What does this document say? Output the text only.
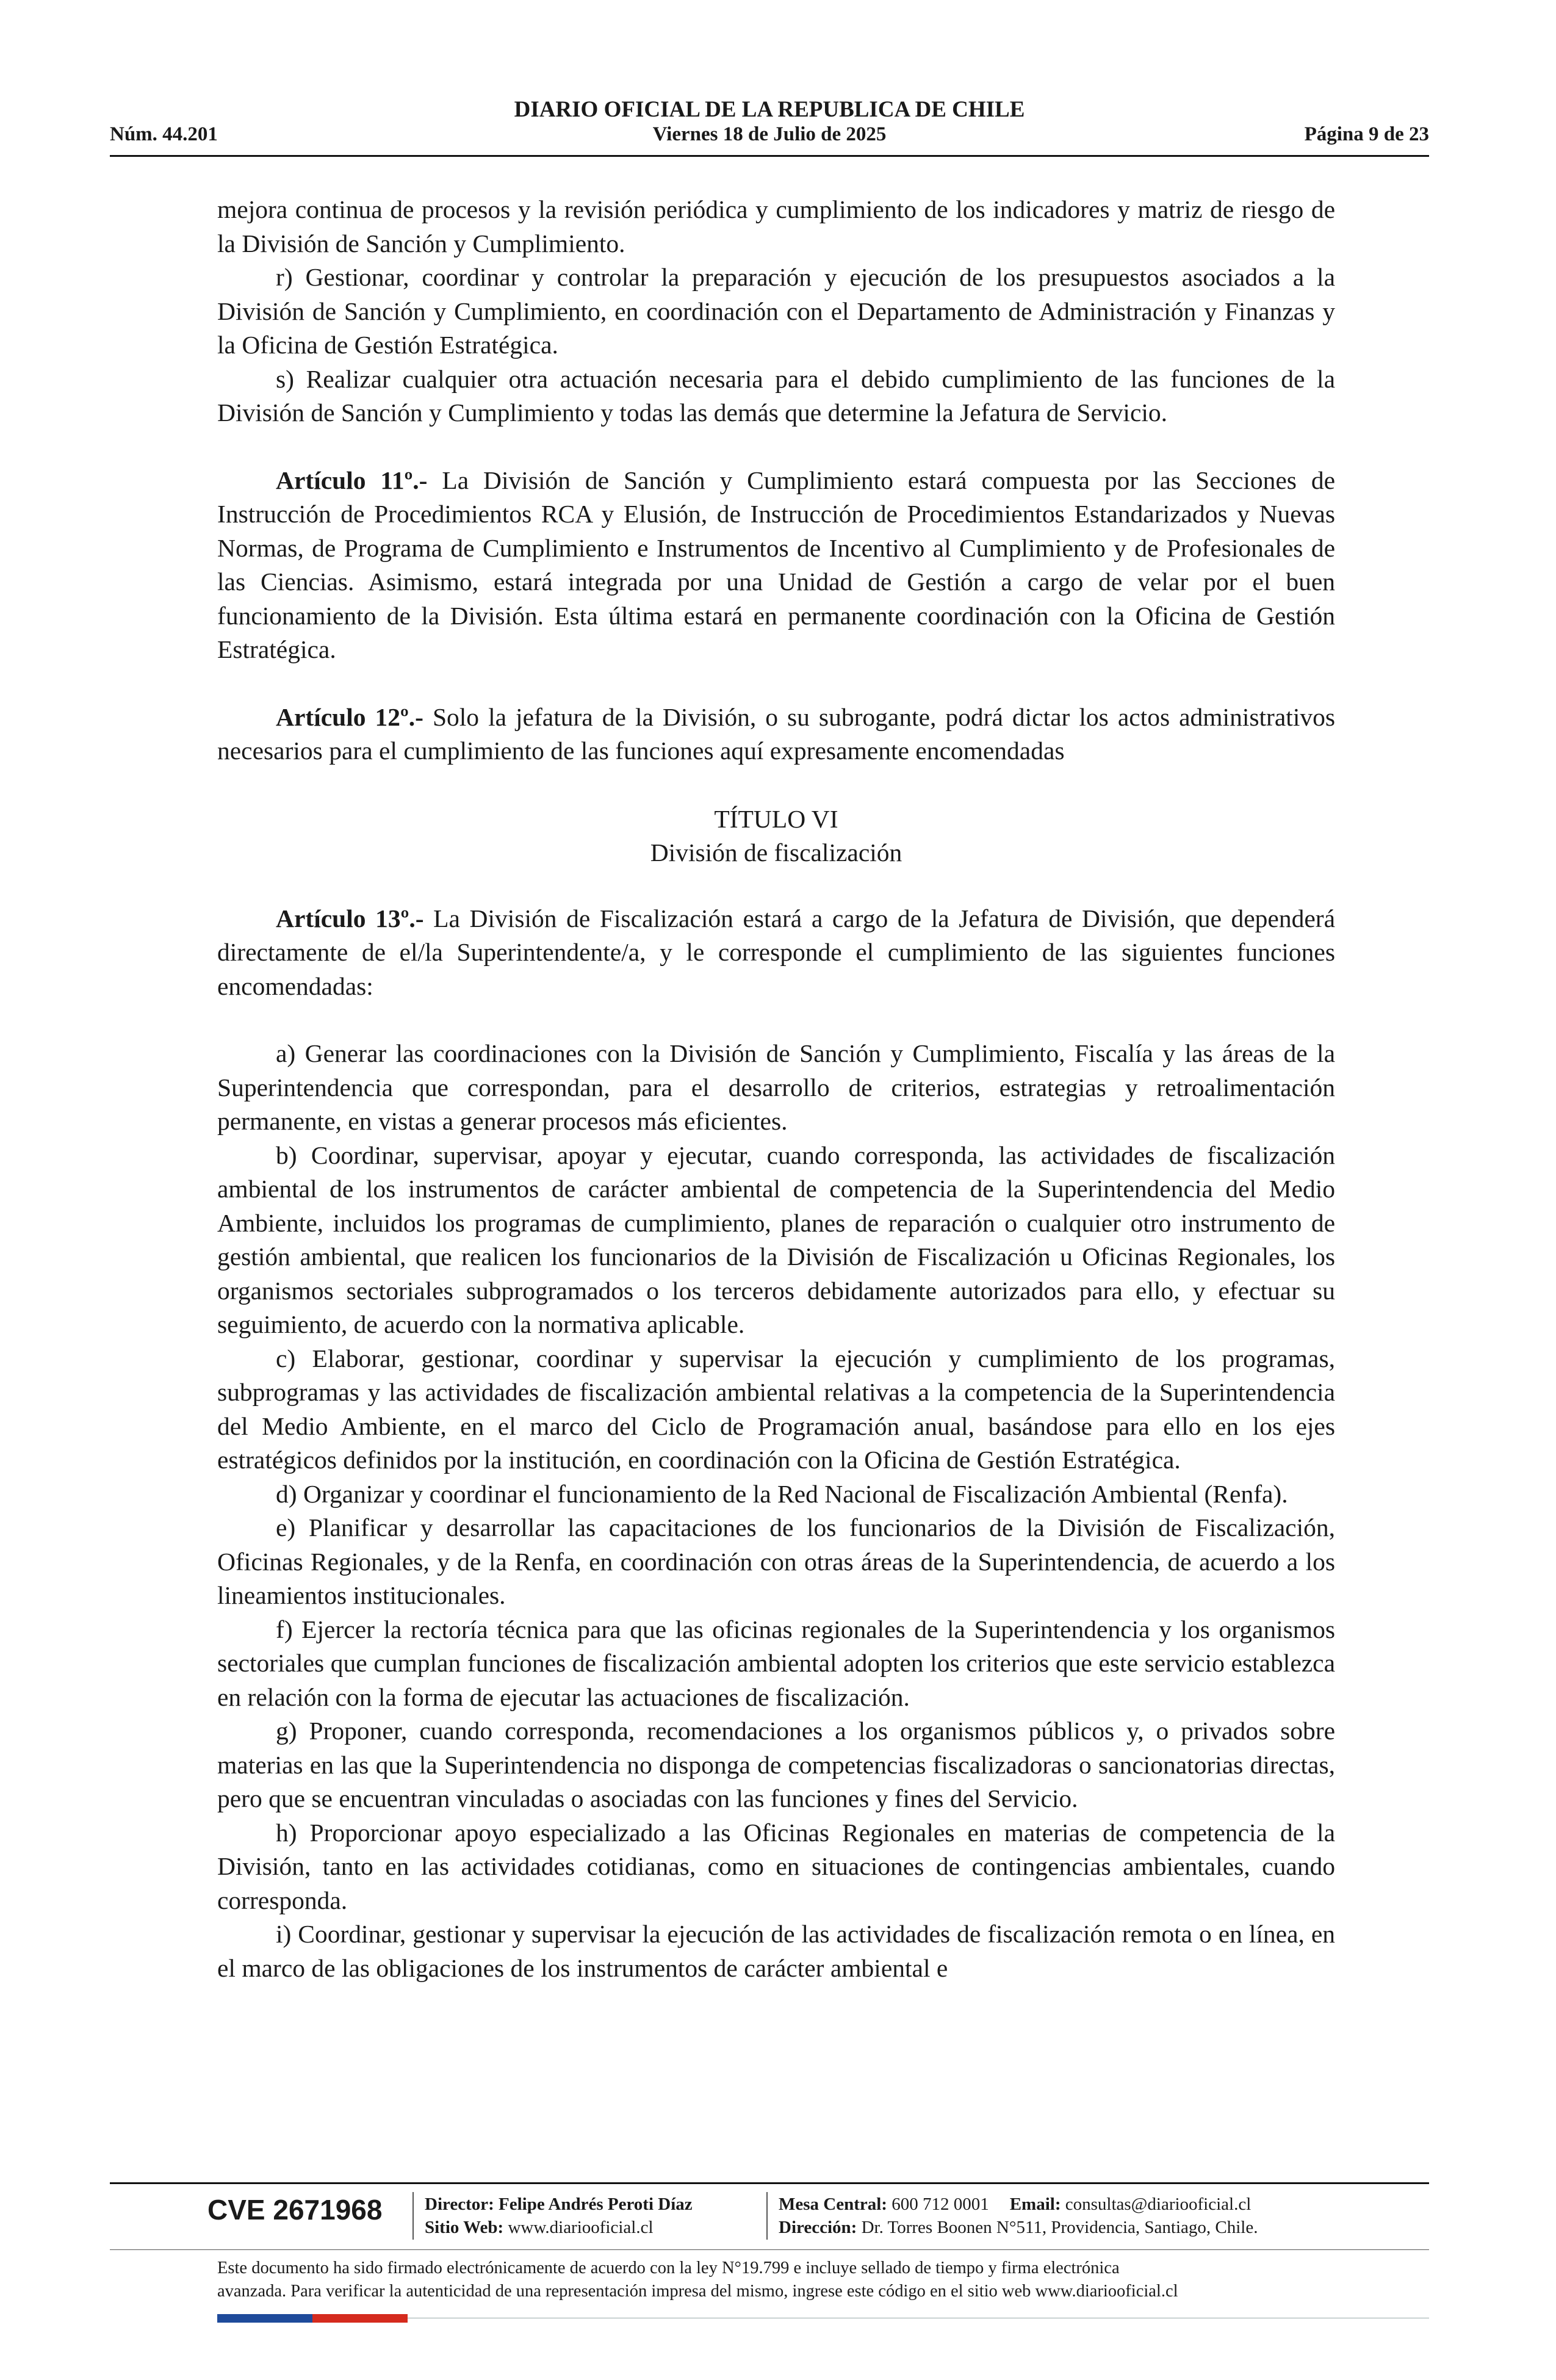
DIARIO OFICIAL DE LA REPUBLICA DE CHILE
Núm. 44.201	Viernes 18 de Julio de 2025	Página 9 de 23

mejora continua de procesos y la revisión periódica y cumplimiento de los indicadores y matriz de riesgo de la División de Sanción y Cumplimiento.

r) Gestionar, coordinar y controlar la preparación y ejecución de los presupuestos asociados a la División de Sanción y Cumplimiento, en coordinación con el Departamento de Administración y Finanzas y la Oficina de Gestión Estratégica.

s) Realizar cualquier otra actuación necesaria para el debido cumplimiento de las funciones de la División de Sanción y Cumplimiento y todas las demás que determine la Jefatura de Servicio.

Artículo 11º.- La División de Sanción y Cumplimiento estará compuesta por las Secciones de Instrucción de Procedimientos RCA y Elusión, de Instrucción de Procedimientos Estandarizados y Nuevas Normas, de Programa de Cumplimiento e Instrumentos de Incentivo al Cumplimiento y de Profesionales de las Ciencias. Asimismo, estará integrada por una Unidad de Gestión a cargo de velar por el buen funcionamiento de la División. Esta última estará en permanente coordinación con la Oficina de Gestión Estratégica.

Artículo 12º.- Solo la jefatura de la División, o su subrogante, podrá dictar los actos administrativos necesarios para el cumplimiento de las funciones aquí expresamente encomendadas

TÍTULO VI
División de fiscalización

Artículo 13º.- La División de Fiscalización estará a cargo de la Jefatura de División, que dependerá directamente de el/la Superintendente/a, y le corresponde el cumplimiento de las siguientes funciones encomendadas:

a) Generar las coordinaciones con la División de Sanción y Cumplimiento, Fiscalía y las áreas de la Superintendencia que correspondan, para el desarrollo de criterios, estrategias y retroalimentación permanente, en vistas a generar procesos más eficientes.

b) Coordinar, supervisar, apoyar y ejecutar, cuando corresponda, las actividades de fiscalización ambiental de los instrumentos de carácter ambiental de competencia de la Superintendencia del Medio Ambiente, incluidos los programas de cumplimiento, planes de reparación o cualquier otro instrumento de gestión ambiental, que realicen los funcionarios de la División de Fiscalización u Oficinas Regionales, los organismos sectoriales subprogramados o los terceros debidamente autorizados para ello, y efectuar su seguimiento, de acuerdo con la normativa aplicable.

c) Elaborar, gestionar, coordinar y supervisar la ejecución y cumplimiento de los programas, subprogramas y las actividades de fiscalización ambiental relativas a la competencia de la Superintendencia del Medio Ambiente, en el marco del Ciclo de Programación anual, basándose para ello en los ejes estratégicos definidos por la institución, en coordinación con la Oficina de Gestión Estratégica.

d) Organizar y coordinar el funcionamiento de la Red Nacional de Fiscalización Ambiental (Renfa).

e) Planificar y desarrollar las capacitaciones de los funcionarios de la División de Fiscalización, Oficinas Regionales, y de la Renfa, en coordinación con otras áreas de la Superintendencia, de acuerdo a los lineamientos institucionales.

f) Ejercer la rectoría técnica para que las oficinas regionales de la Superintendencia y los organismos sectoriales que cumplan funciones de fiscalización ambiental adopten los criterios que este servicio establezca en relación con la forma de ejecutar las actuaciones de fiscalización.

g) Proponer, cuando corresponda, recomendaciones a los organismos públicos y, o privados sobre materias en las que la Superintendencia no disponga de competencias fiscalizadoras o sancionatorias directas, pero que se encuentran vinculadas o asociadas con las funciones y fines del Servicio.

h) Proporcionar apoyo especializado a las Oficinas Regionales en materias de competencia de la División, tanto en las actividades cotidianas, como en situaciones de contingencias ambientales, cuando corresponda.

i) Coordinar, gestionar y supervisar la ejecución de las actividades de fiscalización remota o en línea, en el marco de las obligaciones de los instrumentos de carácter ambiental e

CVE 2671968 Director: Felipe Andrés Peroti Díaz
Sitio Web: www.diariooficial.cl
Mesa Central: 600 712 0001 Email: consultas@diariooficial.cl
Dirección: Dr. Torres Boonen N°511, Providencia, Santiago, Chile.
Este documento ha sido firmado electrónicamente de acuerdo con la ley N°19.799 e incluye sellado de tiempo y firma electrónica
avanzada. Para verificar la autenticidad de una representación impresa del mismo, ingrese este código en el sitio web www.diariooficial.cl
